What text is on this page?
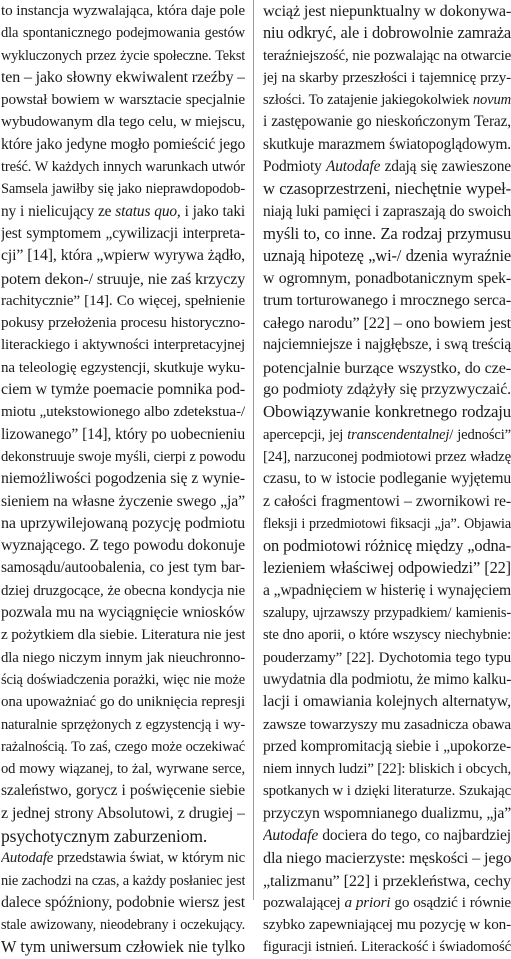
to instancja wyzwalająca, która daje pole
dla spontanicznego podejmowania gestów
wykluczonych przez życie społeczne. Tekst
ten – jako słowny ekwiwalent rzeźby –
powstał bowiem w warsztacie specjalnie
wybudowanym dla tego celu, w miejscu,
które jako jedyne mogło pomieścić jego
treść. W każdych innych warunkach utwór
Samsela jawiłby się jako nieprawdopodob-
ny i nielicujący ze status quo, i jako taki
jest symptomem „cywilizacji interpreta-
cji” [14], która „wpierw wyrywa żądło,
potem dekon-/ struuje, nie zaś krzyczy
rachitycznie” [14]. Co więcej, spełnienie
pokusy przełożenia procesu historyczno-
literackiego i aktywności interpretacyjnej
na teleologię egzystencji, skutkuje wyku-
ciem w tymże poemacie pomnika pod-
miotu „utekstowionego albo zdetekstua-/
lizowanego” [14], który po uobecnieniu
dekonstruuje swoje myśli, cierpi z powodu
niemożliwości pogodzenia się z wynie-
sieniem na własne życzenie swego „ja”
na uprzywilejowaną pozycję podmiotu
wyznającego. Z tego powodu dokonuje
samosądu/autoobalenia, co jest tym bar-
dziej druzgocące, że obecna kondycja nie
pozwala mu na wyciągnięcie wniosków
z pożytkiem dla siebie. Literatura nie jest
dla niego niczym innym jak nieuchronno-
ścią doświadczenia porażki, więc nie może
ona upoważniać go do uniknięcia represji
naturalnie sprzężonych z egzystencją i wy-
rażalnością. To zaś, czego może oczekiwać
od mowy wiązanej, to żal, wyrwane serce,
szaleństwo, gorycz i poświęcenie siebie
z jednej strony Absolutowi, z drugiej –
psychotycznym zaburzeniom.
Autodafe przedstawia świat, w którym nic
nie zachodzi na czas, a każdy posłaniec jest
dalece spóźniony, podobnie wiersz jest
stale awizowany, nieodebrany i oczekujący.
W tym uniwersum człowiek nie tylko
wciąż jest niepunktualny w dokonywa-
niu odkryć, ale i dobrowolnie zamraża
teraźniejszość, nie pozwalając na otwarcie
jej na skarby przeszłości i tajemnicę przy-
szłości. To zatajenie jakiegokolwiek novum
i zastępowanie go nieskończonym Teraz,
skutkuje marazmem światopoglądowym.
Podmioty Autodafe zdają się zawieszone
w czasoprzestrzeni, niechętnie wypeł-
niają luki pamięci i zapraszają do swoich
myśli to, co inne. Za rodzaj przymusu
uznają hipotezę „wi-/ dzenia wyraźnie
w ogromnym, ponadbotanicznym spek-
trum torturowanego i mrocznego serca-
całego narodu” [22] – ono bowiem jest
najciemniejsze i najgłębsze, i swą treścią
potencjalnie burzące wszystko, do cze-
go podmioty zdążyły się przyzwyczaić.
Obowiązywanie konkretnego rodzaju
apercepcji, jej transcendentalnej/ jedności”
[24], narzuconej podmiotowi przez władzę
czasu, to w istocie podleganie wyjętemu
z całości fragmentowi – zwornikowi re-
fleksji i przedmiotowi fiksacji „ja”. Objawia
on podmiotowi różnicę między „odna-
lezieniem właściwej odpowiedzi” [22]
a „wpadnięciem w histerię i wynajęciem
szalupy, ujrzawszy przypadkiem/ kamienis-
ste dno aporii, o które wszyscy niechybnie:
pouderzamy” [22]. Dychotomia tego typu
uwydatnia dla podmiotu, że mimo kalku-
lacji i omawiania kolejnych alternatyw,
zawsze towarzyszy mu zasadnicza obawa
przed kompromitacją siebie i „upokorze-
niem innych ludzi” [22]: bliskich i obcych,
spotkanych w i dzięki literaturze. Szukając
przyczyn wspomnianego dualizmu, „ja”
Autodafe dociera do tego, co najbardziej
dla niego macierzyste: męskości – jego
„talizmanu” [22] i przekleństwa, cechy
pozwalającej a priori go osądzić i równie
szybko zapewniającej mu pozycję w kon-
figuracji istnień. Literackość i świadomość
